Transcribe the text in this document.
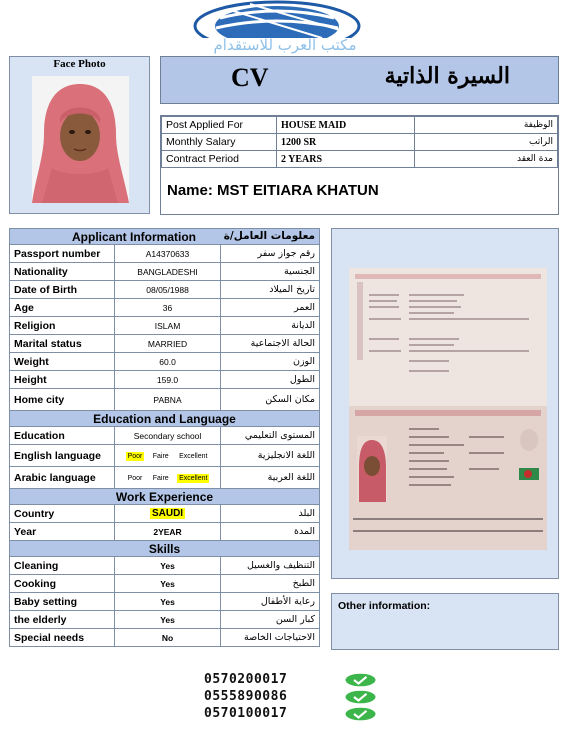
مكتب العرب للاستقدام
Face Photo	CV	السيرة الذاتية
Post Applied For	HOUSE MAID	الوظيفة
Monthly Salary	1200 SR	الراتب
Contract Period	2 YEARS	مدة العقد
Name: MST EITIARA KHATUN
Applicant Information معلومات العامل/ة		

Passport number	A14370633	رقم جواز سفر
Nationality	BANGLADESHI	الجنسية
Date of Birth	08/05/1988	تاريخ الميلاد
Age	36	العمر
Religion	ISLAM	الديانة
Marital status	MARRIED	الحالة الاجتماعية
Weight	60.0	الوزن
Height	159.0	الطول
Home city	PABNA	مكان السكن
Education and Language		
Education	Secondary school	المستوى التعليمي
English language	Poor Faire Excellent	اللغة الانجليزية
Arabic language	Poor Faire Excellent	اللغة العربية
Work Experience		
Country	SAUDI	البلد
Year	2YEAR	المدة
Skills		
Cleaning	Yes	التنظيف والغسيل
Cooking	Yes	الطبخ
Baby setting	Yes	رعاية الأطفال
the elderly	Yes	كبار السن
Special needs	No	الاحتياجات الخاصة
Other information:
0570200017
0555890086
0570100017
